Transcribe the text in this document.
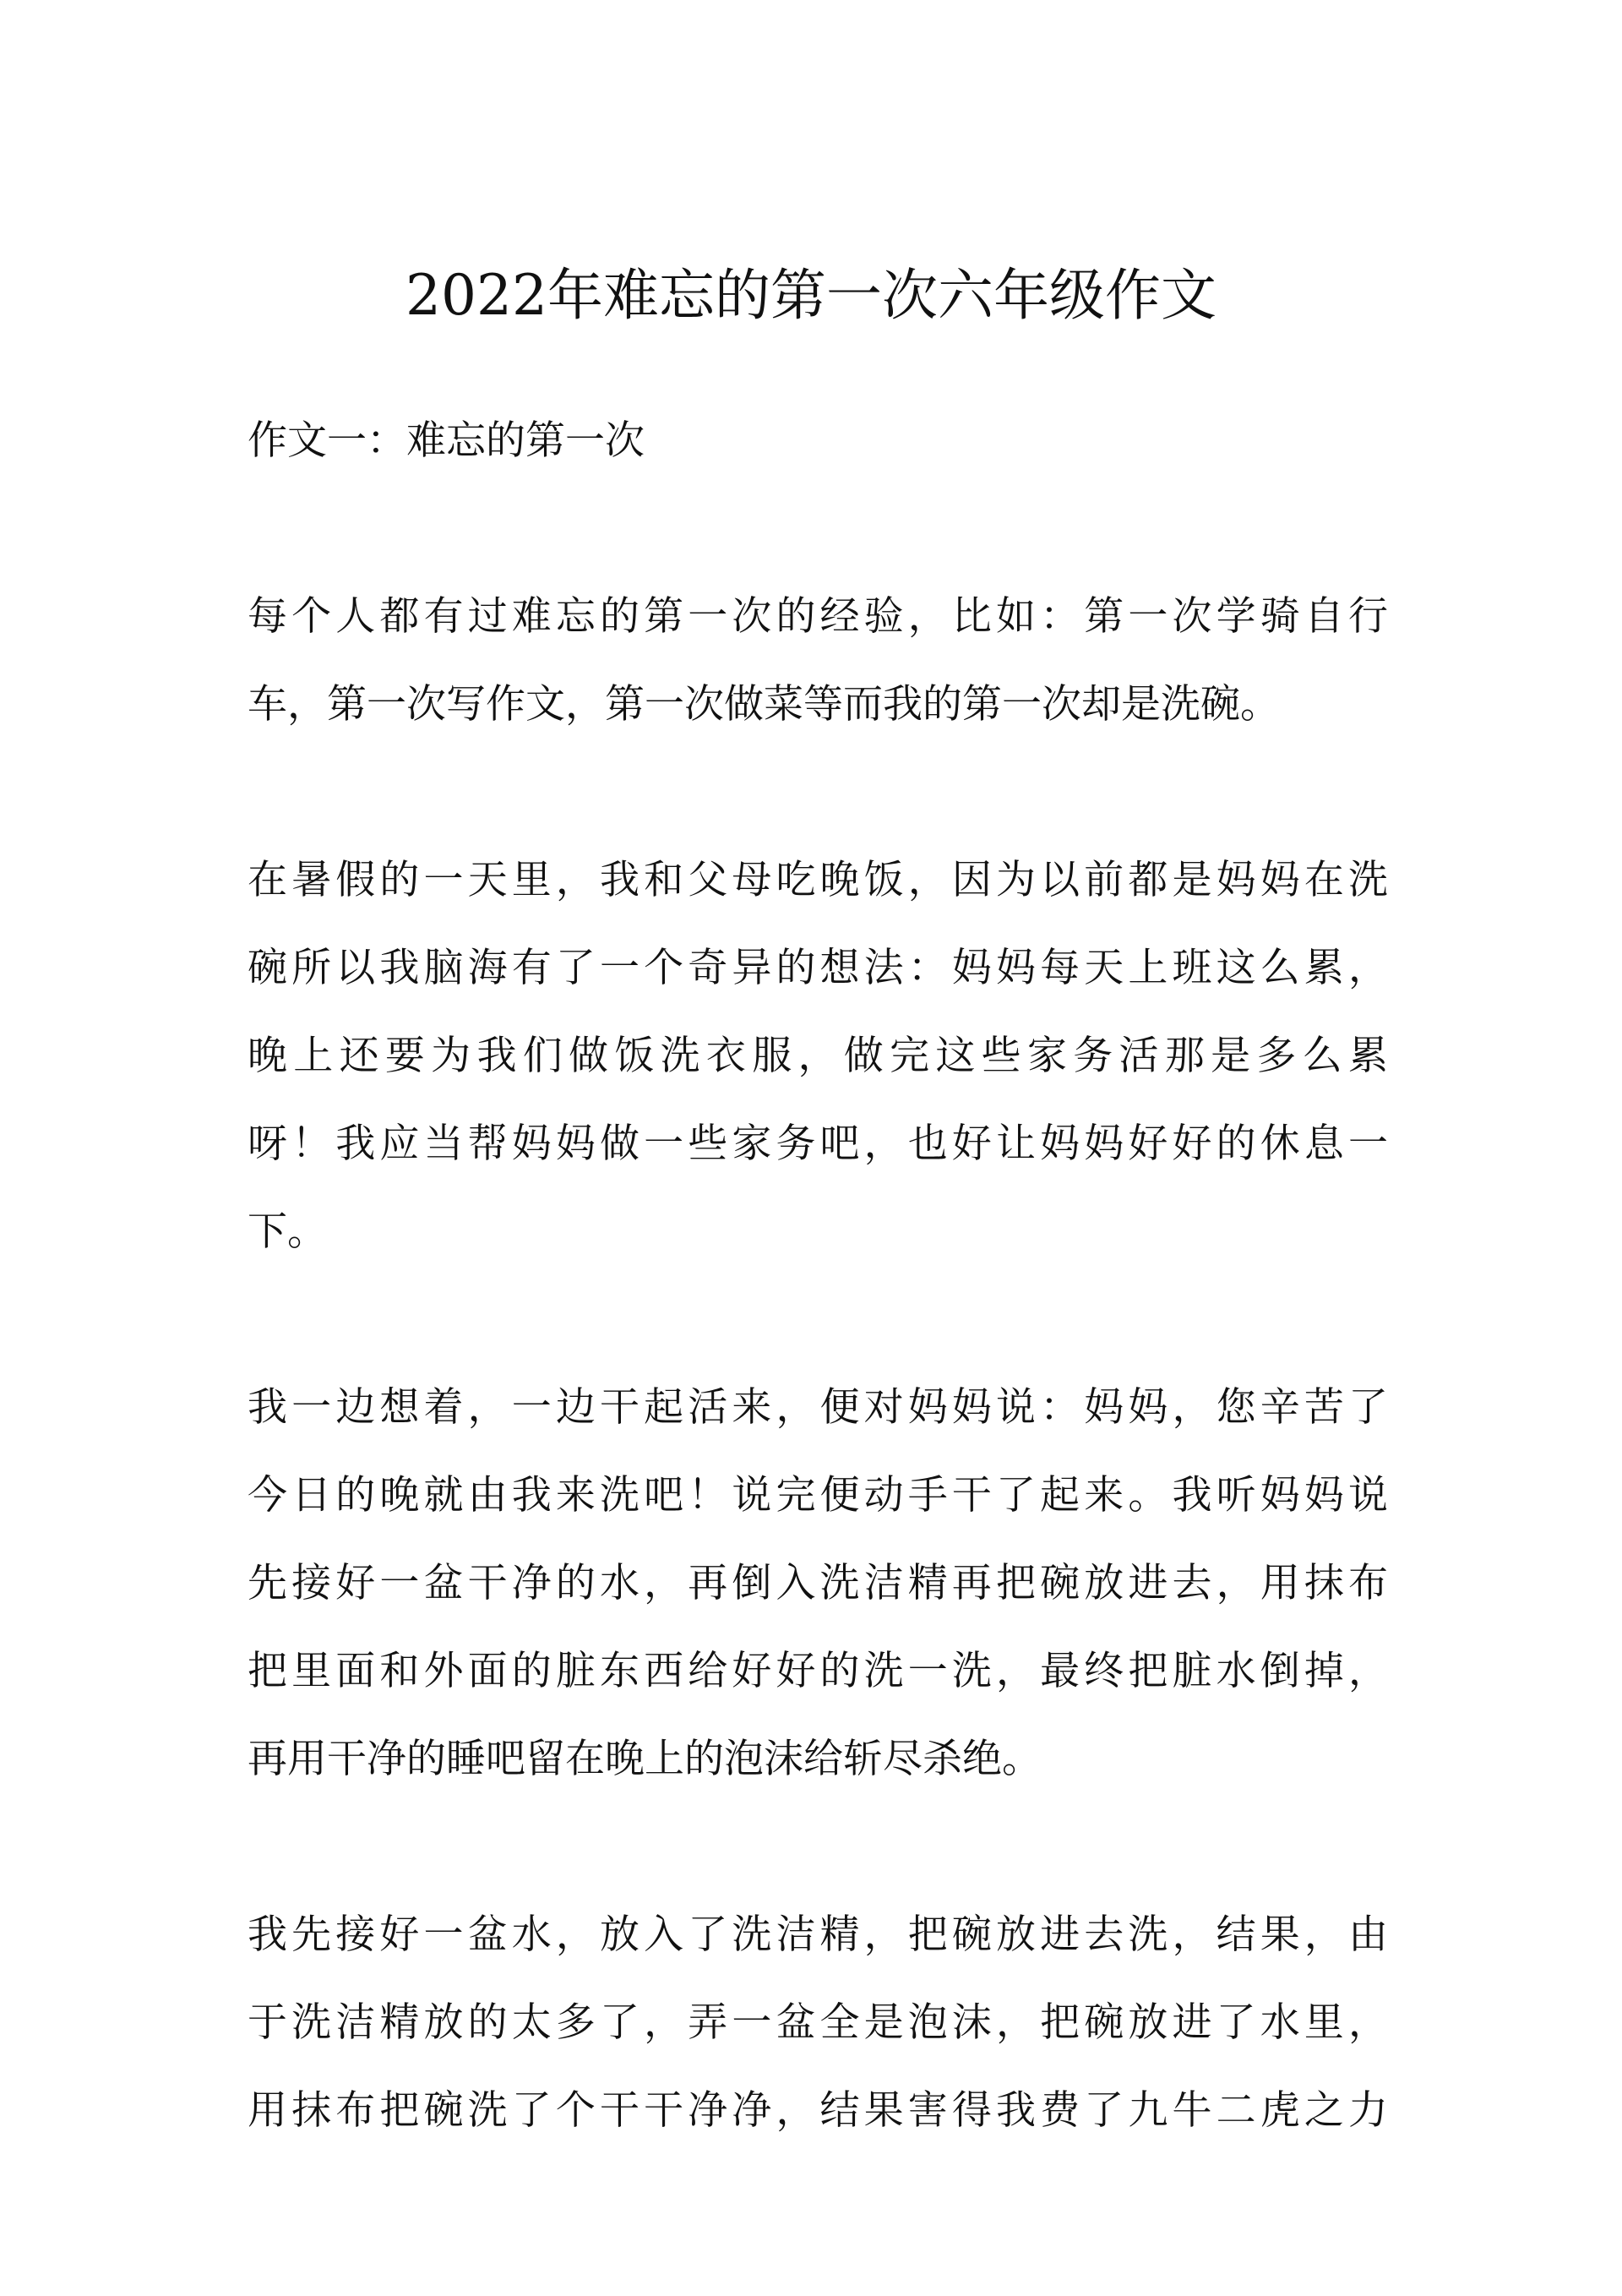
2022年难忘的第一次六年级作文

作文一：难忘的第一次

每个人都有过难忘的第一次的经验，比如：第一次学骑自行
车，第一次写作文，第一次做菜等而我的第一次却是洗碗。

在暑假的一天里，我和父母吃晚饭，因为以前都是妈妈在洗
碗所以我脑海有了一个奇异的想法：妈妈每天上班这么累，
晚上还要为我们做饭洗衣服，做完这些家务活那是多么累
呀！我应当帮妈妈做一些家务吧，也好让妈妈好好的休息一
下。

我一边想着，一边干起活来，便对妈妈说：妈妈，您辛苦了
今日的晚就由我来洗吧！说完便动手干了起来。我听妈妈说
先接好一盆干净的水，再倒入洗洁精再把碗放进去，用抹布
把里面和外面的脏东西给好好的洗一洗，最终把脏水倒掉，
再用干净的睡吧留在晚上的泡沫给斩尽杀绝。

我先接好一盆水，放入了洗洁精，把碗放进去洗，结果，由
于洗洁精放的太多了，弄一盆全是泡沫，把碗放进了水里，
用抹布把碗洗了个干干净净，结果害得我费了九牛二虎之力
